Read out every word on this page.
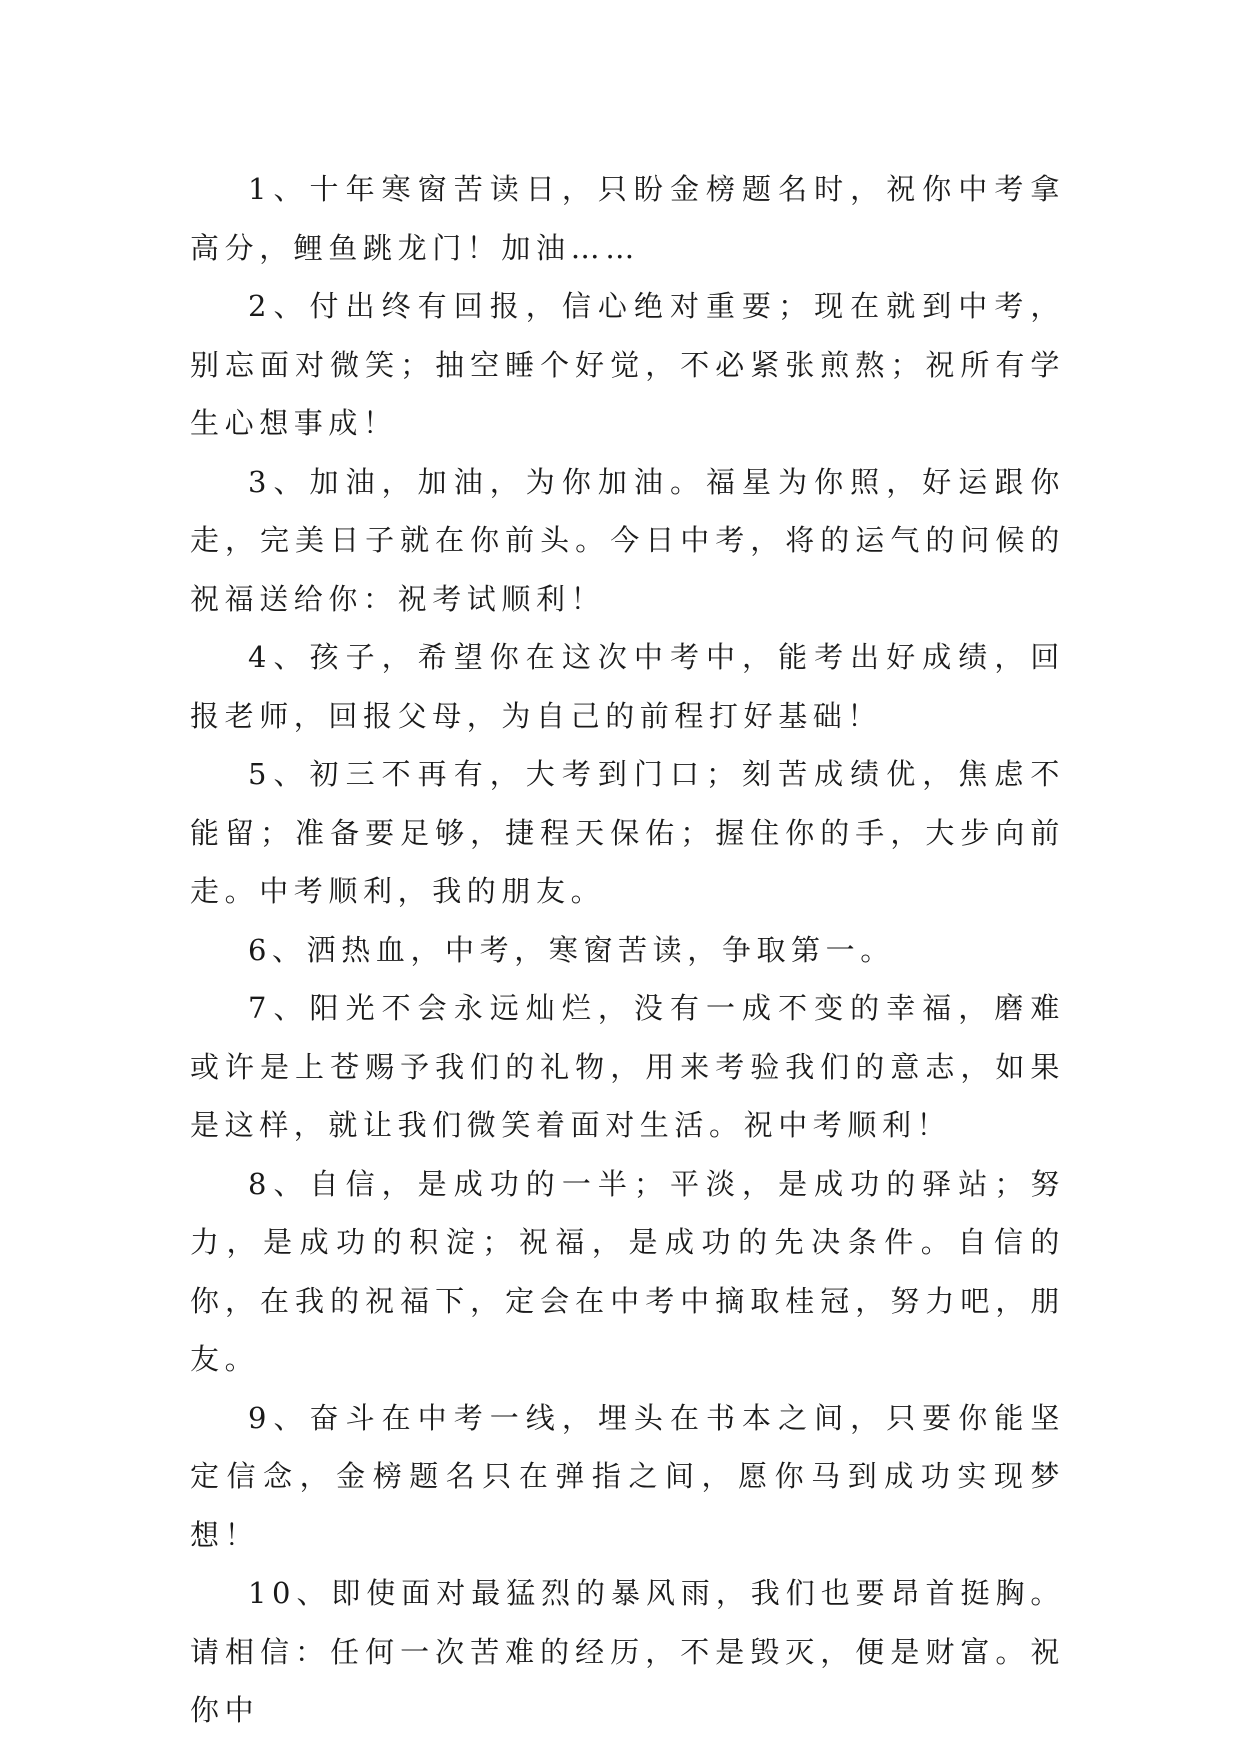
1、十年寒窗苦读日，只盼金榜题名时，祝你中考拿高分，鲤鱼跳龙门！加油……

2、付出终有回报，信心绝对重要；现在就到中考，别忘面对微笑；抽空睡个好觉，不必紧张煎熬；祝所有学生心想事成！

3、加油，加油，为你加油。福星为你照，好运跟你走，完美日子就在你前头。今日中考，将的运气的问候的祝福送给你：祝考试顺利！

4、孩子，希望你在这次中考中，能考出好成绩，回报老师，回报父母，为自己的前程打好基础！

5、初三不再有，大考到门口；刻苦成绩优，焦虑不能留；准备要足够，捷程天保佑；握住你的手，大步向前走。中考顺利，我的朋友。

6、洒热血，中考，寒窗苦读，争取第一。

7、阳光不会永远灿烂，没有一成不变的幸福，磨难或许是上苍赐予我们的礼物，用来考验我们的意志，如果是这样，就让我们微笑着面对生活。祝中考顺利！

8、自信，是成功的一半；平淡，是成功的驿站；努力，是成功的积淀；祝福，是成功的先决条件。自信的你，在我的祝福下，定会在中考中摘取桂冠，努力吧，朋友。

9、奋斗在中考一线，埋头在书本之间，只要你能坚定信念，金榜题名只在弹指之间，愿你马到成功实现梦想！

10、即使面对最猛烈的暴风雨，我们也要昂首挺胸。请相信：任何一次苦难的经历，不是毁灭，便是财富。祝你中
